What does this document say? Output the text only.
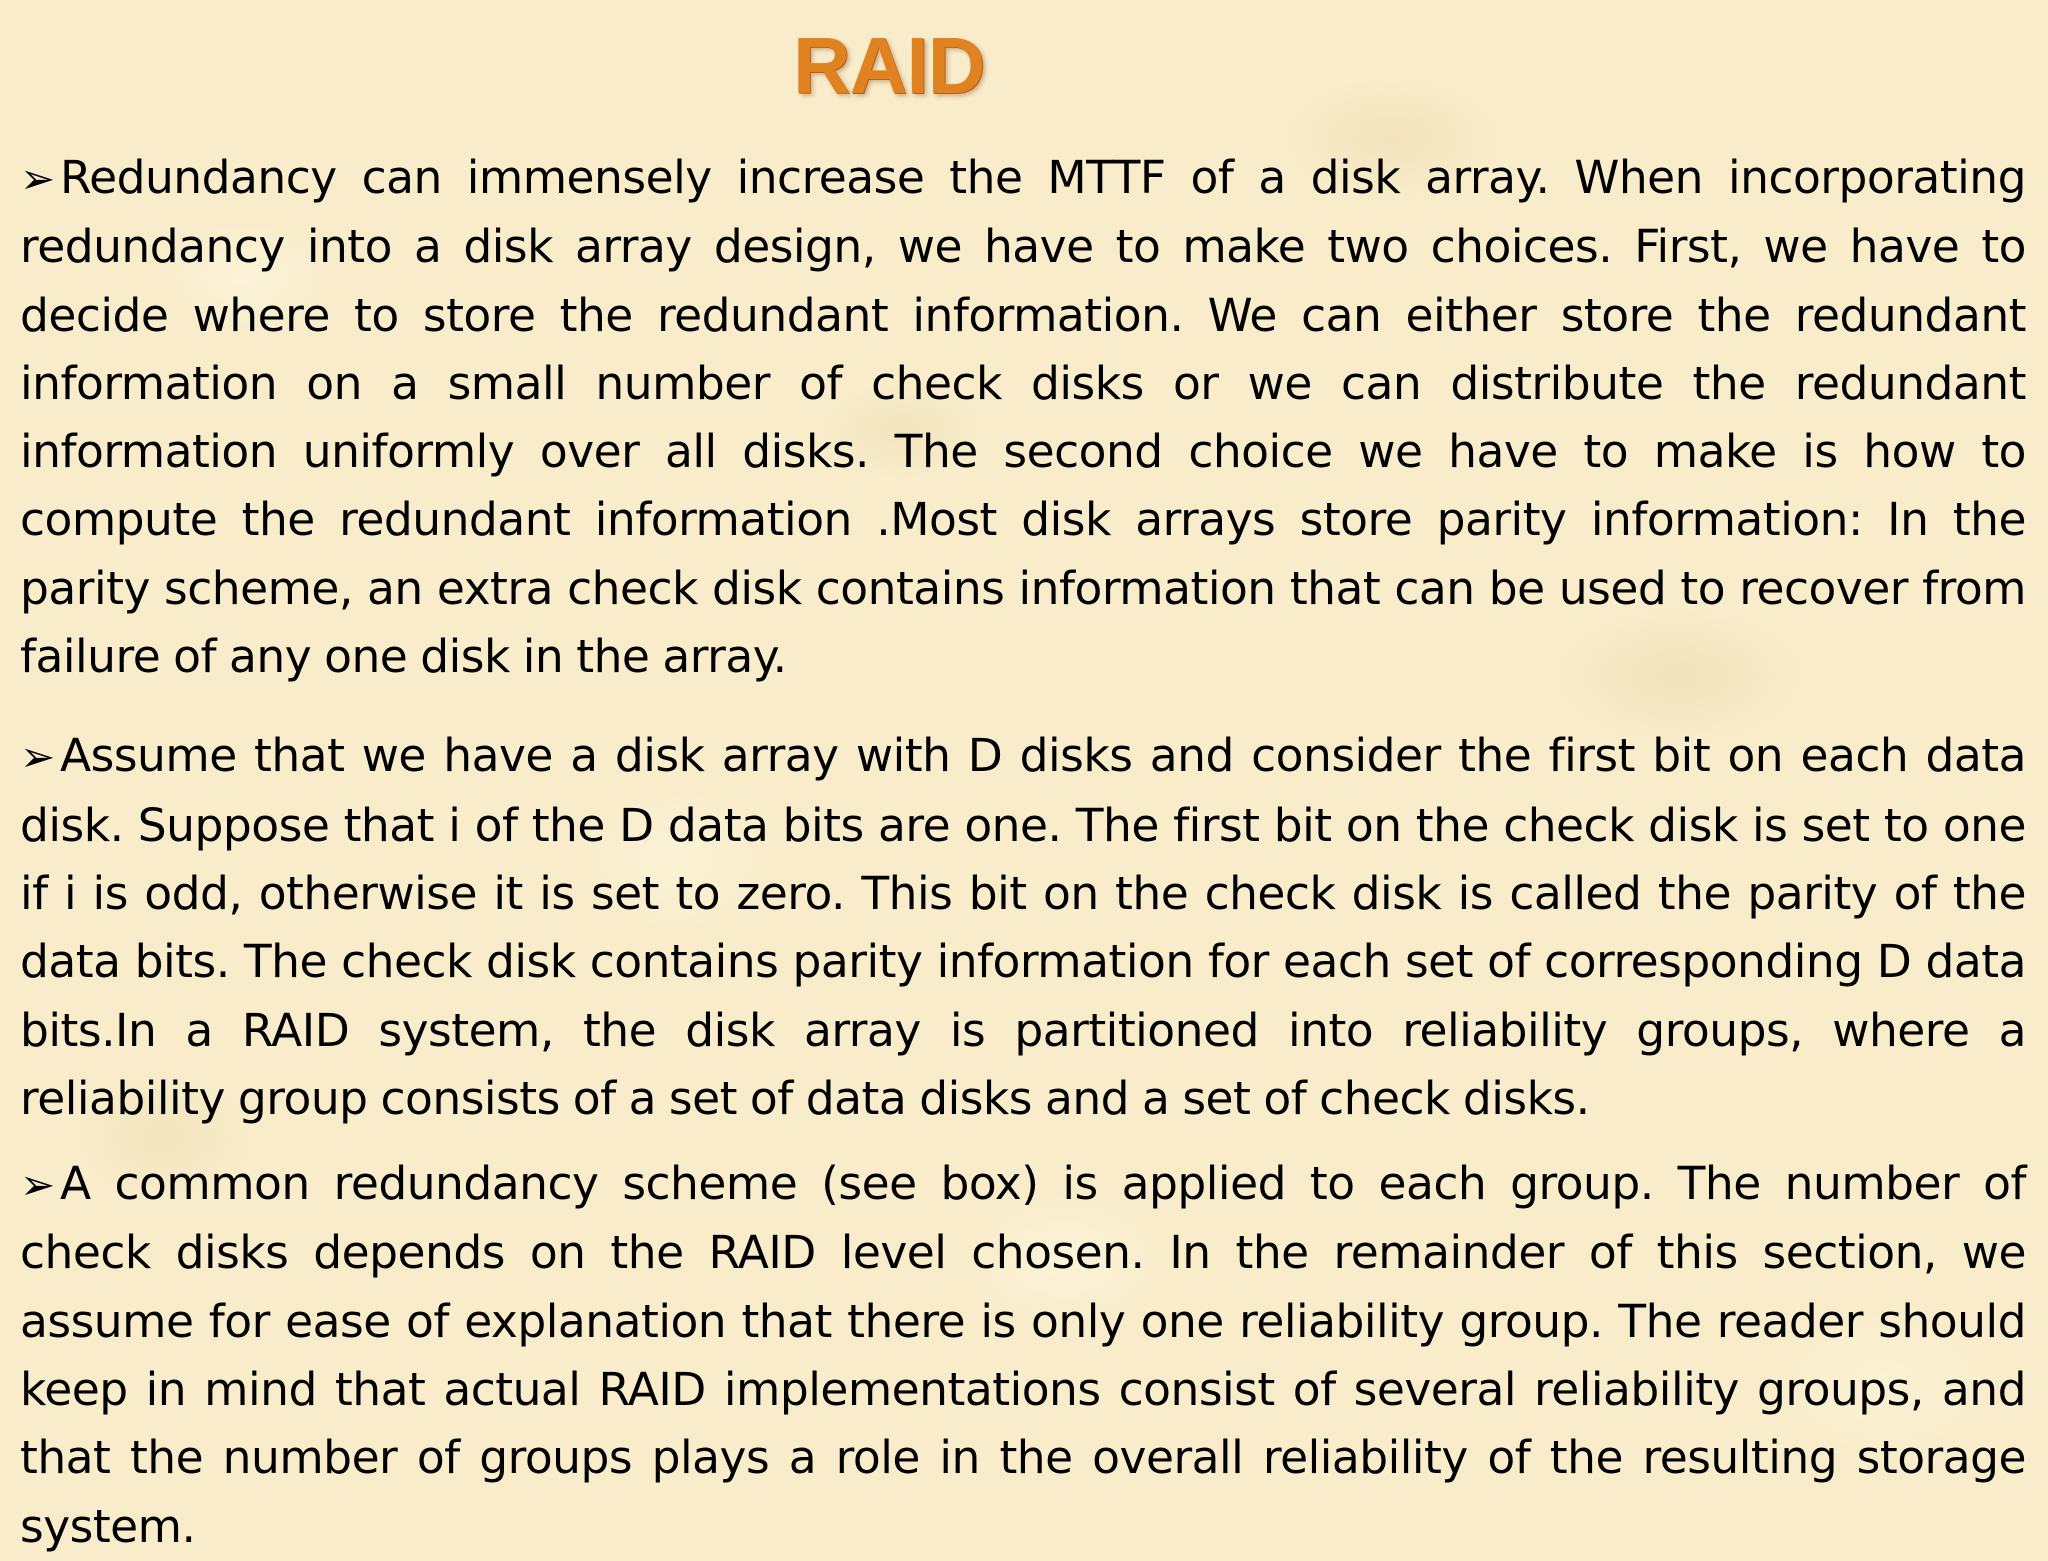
RAID

➢ Redundancy can immensely increase the MTTF of a disk array. When incorporating redundancy into a disk array design, we have to make two choices. First, we have to decide where to store the redundant information. We can either store the redundant information on a small number of check disks or we can distribute the redundant information uniformly over all disks. The second choice we have to make is how to compute the redundant information .Most disk arrays store parity information: In the parity scheme, an extra check disk contains information that can be used to recover from failure of any one disk in the array.

➢ Assume that we have a disk array with D disks and consider the first bit on each data disk. Suppose that i of the D data bits are one. The first bit on the check disk is set to one if i is odd, otherwise it is set to zero. This bit on the check disk is called the parity of the data bits. The check disk contains parity information for each set of corresponding D data bits.In a RAID system, the disk array is partitioned into reliability groups, where a reliability group consists of a set of data disks and a set of check disks.

➢ A common redundancy scheme (see box) is applied to each group. The number of check disks depends on the RAID level chosen. In the remainder of this section, we assume for ease of explanation that there is only one reliability group. The reader should keep in mind that actual RAID implementations consist of several reliability groups, and that the number of groups plays a role in the overall reliability of the resulting storage system.
